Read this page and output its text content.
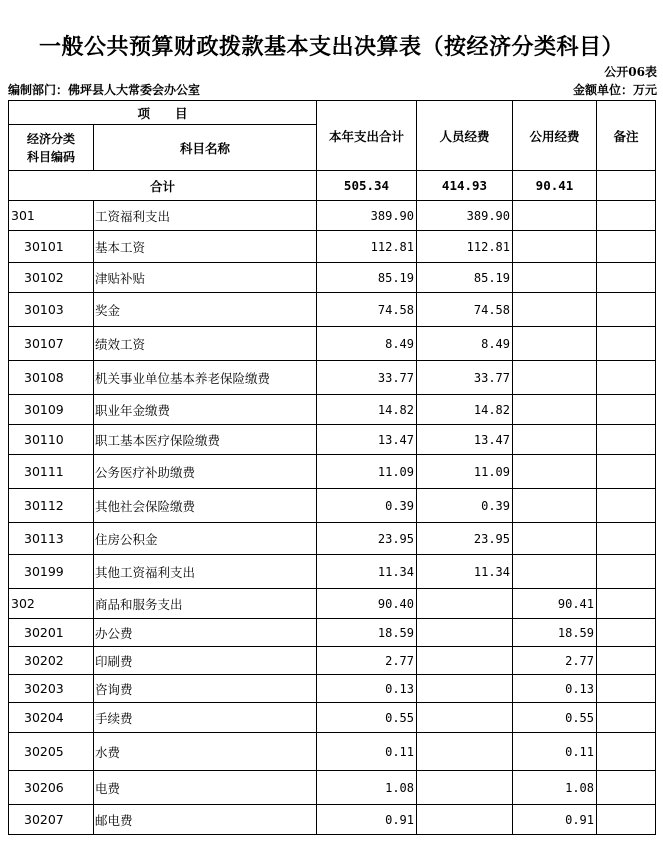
一般公共预算财政拨款基本支出决算表（按经济分类科目）
公开06表
编制部门：佛坪县人大常委会办公室	金额单位：万元
项　　目		本年支出合计	人员经费	公用经费	备注
经济分类
科目编码	科目名称				
合计		505.34	414.93	90.41	
301	工资福利支出	389.90	389.90		
30101	基本工资	112.81	112.81		
30102	津贴补贴	85.19	85.19		
30103	奖金	74.58	74.58		
30107	绩效工资	8.49	8.49		
30108	机关事业单位基本养老保险缴费	33.77	33.77		
30109	职业年金缴费	14.82	14.82		
30110	职工基本医疗保险缴费	13.47	13.47		
30111	公务医疗补助缴费	11.09	11.09		
30112	其他社会保险缴费	0.39	0.39		
30113	住房公积金	23.95	23.95		
30199	其他工资福利支出	11.34	11.34		
302	商品和服务支出	90.40		90.41	
30201	办公费	18.59		18.59	
30202	印刷费	2.77		2.77	
30203	咨询费	0.13		0.13	
30204	手续费	0.55		0.55	
30205	水费	0.11		0.11	
30206	电费	1.08		1.08	
30207	邮电费	0.91		0.91	
